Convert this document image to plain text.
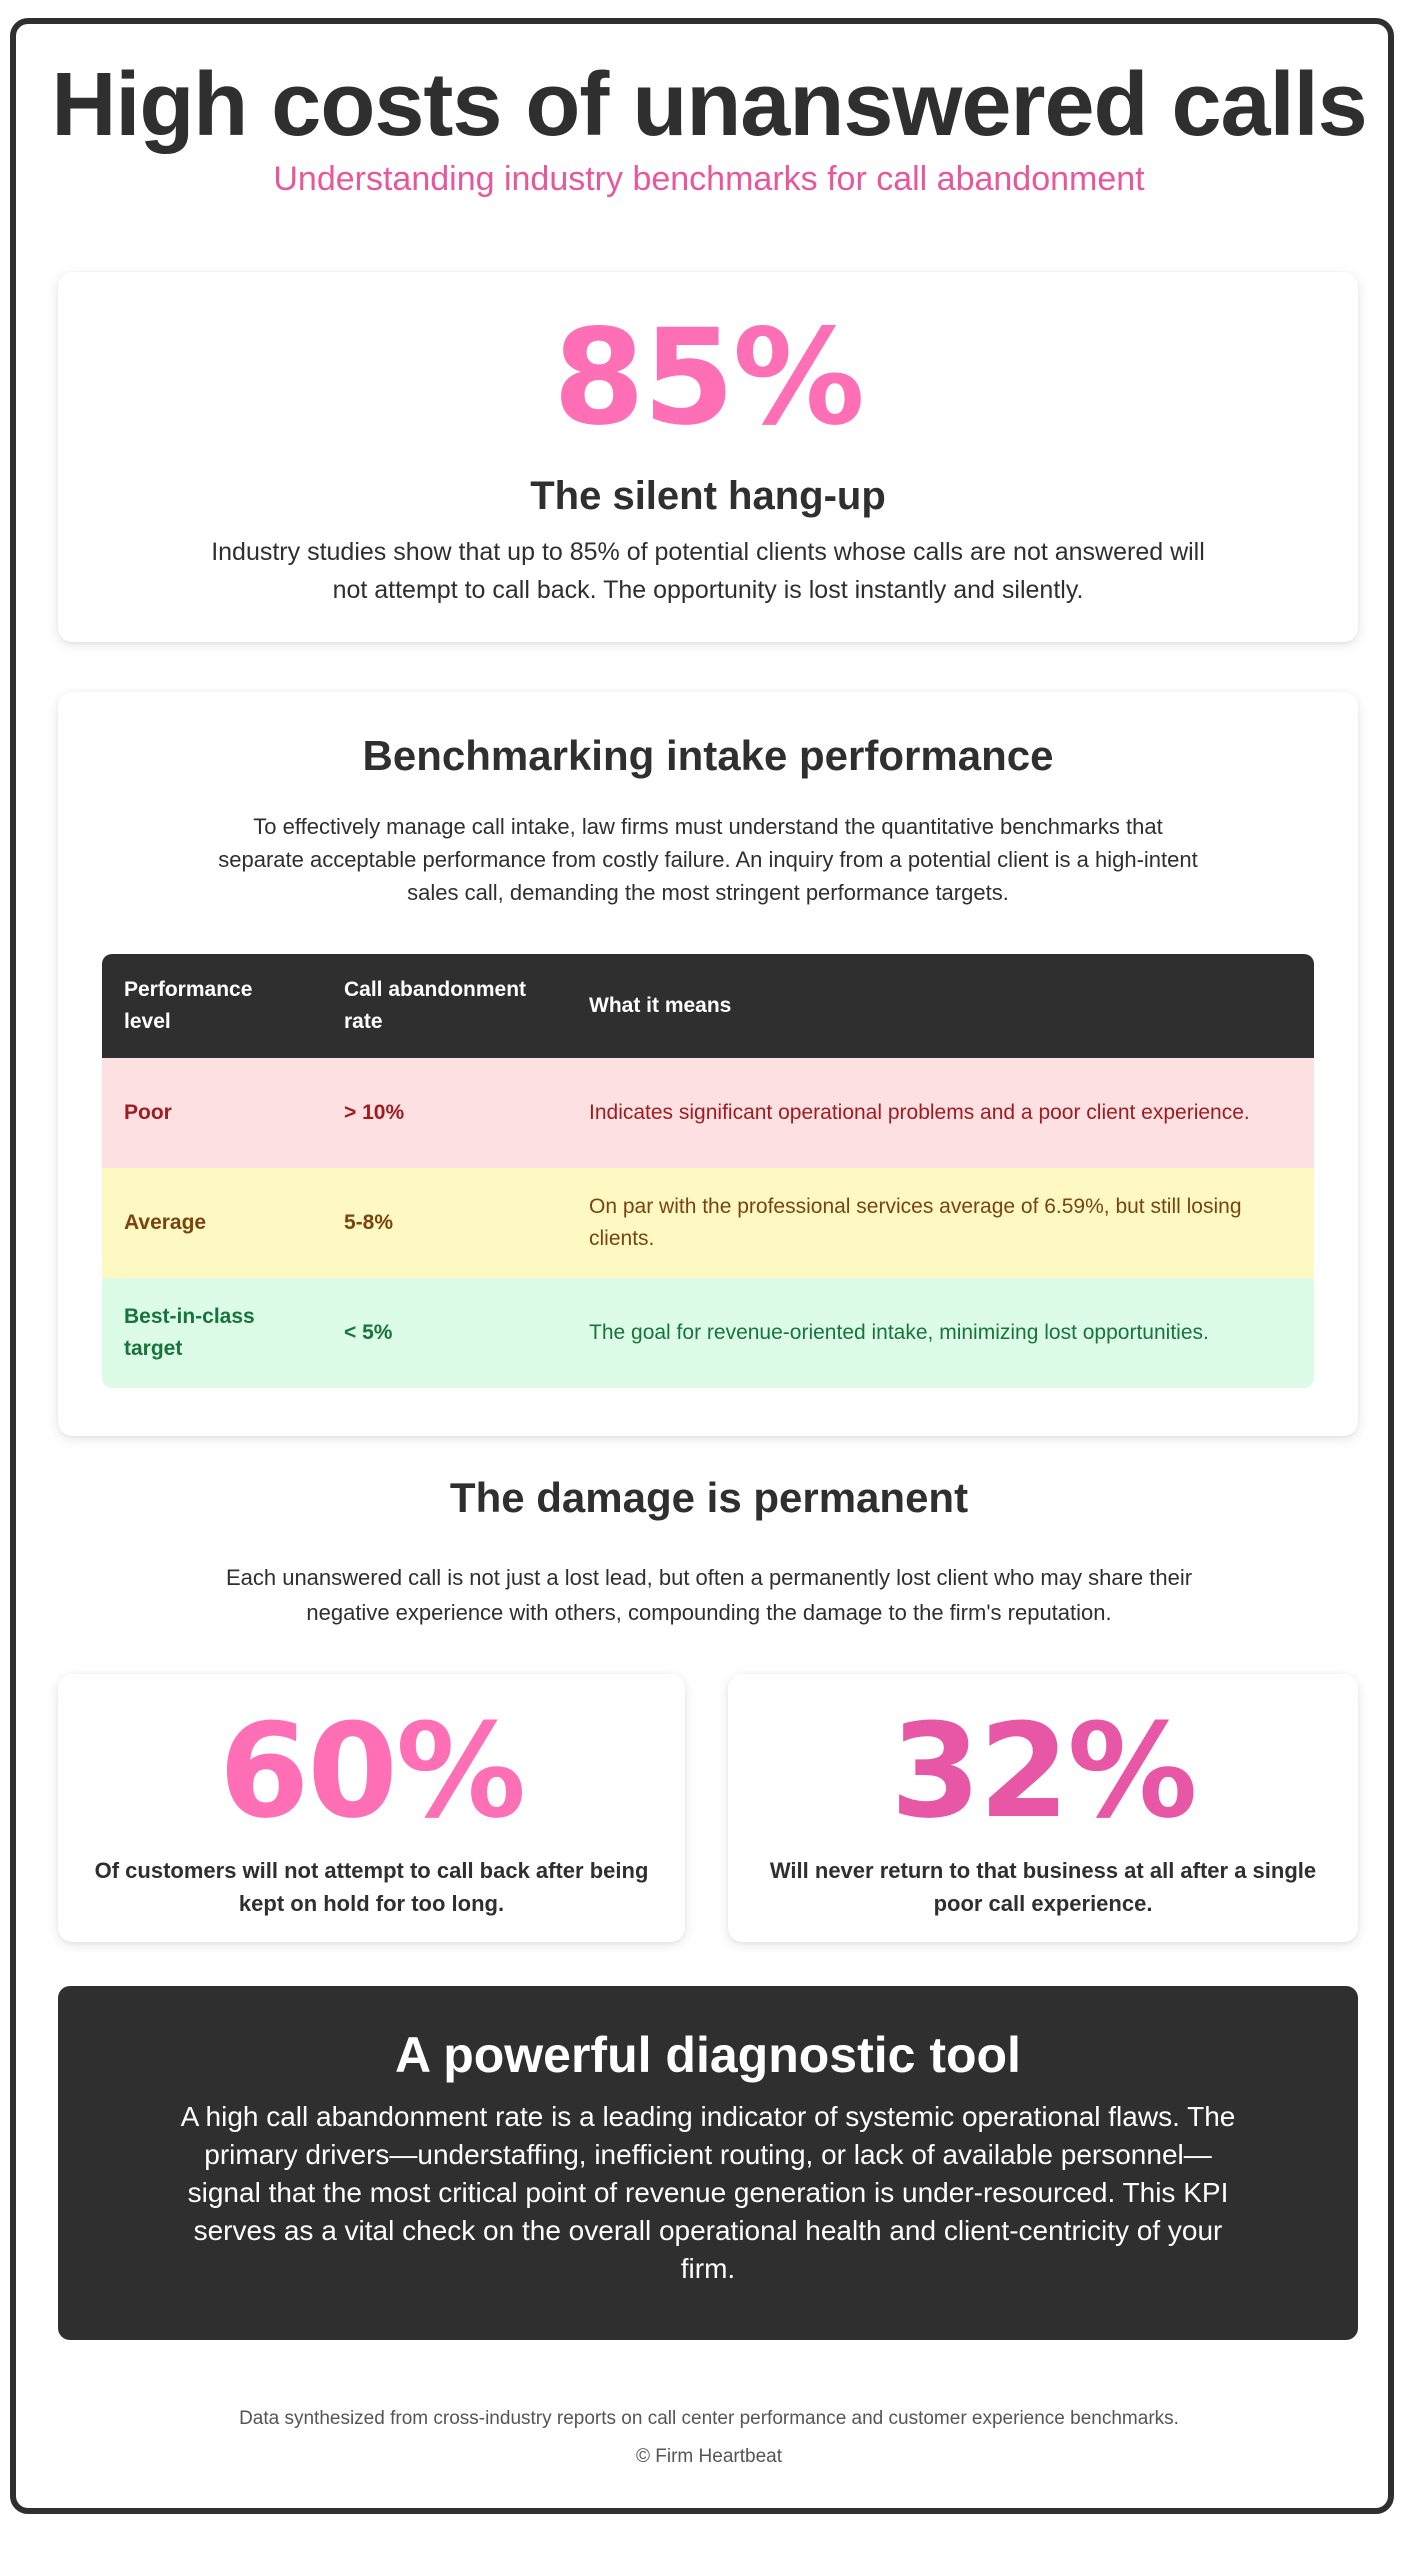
High costs of unanswered calls

Understanding industry benchmarks for call abandonment

85%
The silent hang-up

Industry studies show that up to 85% of potential clients whose calls are not answered will not attempt to call back. The opportunity is lost instantly and silently.

Benchmarking intake performance

To effectively manage call intake, law firms must understand the quantitative benchmarks that separate acceptable performance from costly failure. An inquiry from a potential client is a high-intent sales call, demanding the most stringent performance targets.

Performance level	Call abandonment rate	What it means
Poor	> 10%	Indicates significant operational problems and a poor client experience.
Average	5-8%	On par with the professional services average of 6.59%, but still losing clients.
Best-in-class target	< 5%	The goal for revenue-oriented intake, minimizing lost opportunities.
The damage is permanent

Each unanswered call is not just a lost lead, but often a permanently lost client who may share their negative experience with others, compounding the damage to the firm's reputation.

60%

Of customers will not attempt to call back after being kept on hold for too long.

32%

Will never return to that business at all after a single poor call experience.

A powerful diagnostic tool

A high call abandonment rate is a leading indicator of systemic operational flaws. The primary drivers—understaffing, inefficient routing, or lack of available personnel—signal that the most critical point of revenue generation is under-resourced. This KPI serves as a vital check on the overall operational health and client-centricity of your firm.

Data synthesized from cross-industry reports on call center performance and customer experience benchmarks.

© Firm Heartbeat
